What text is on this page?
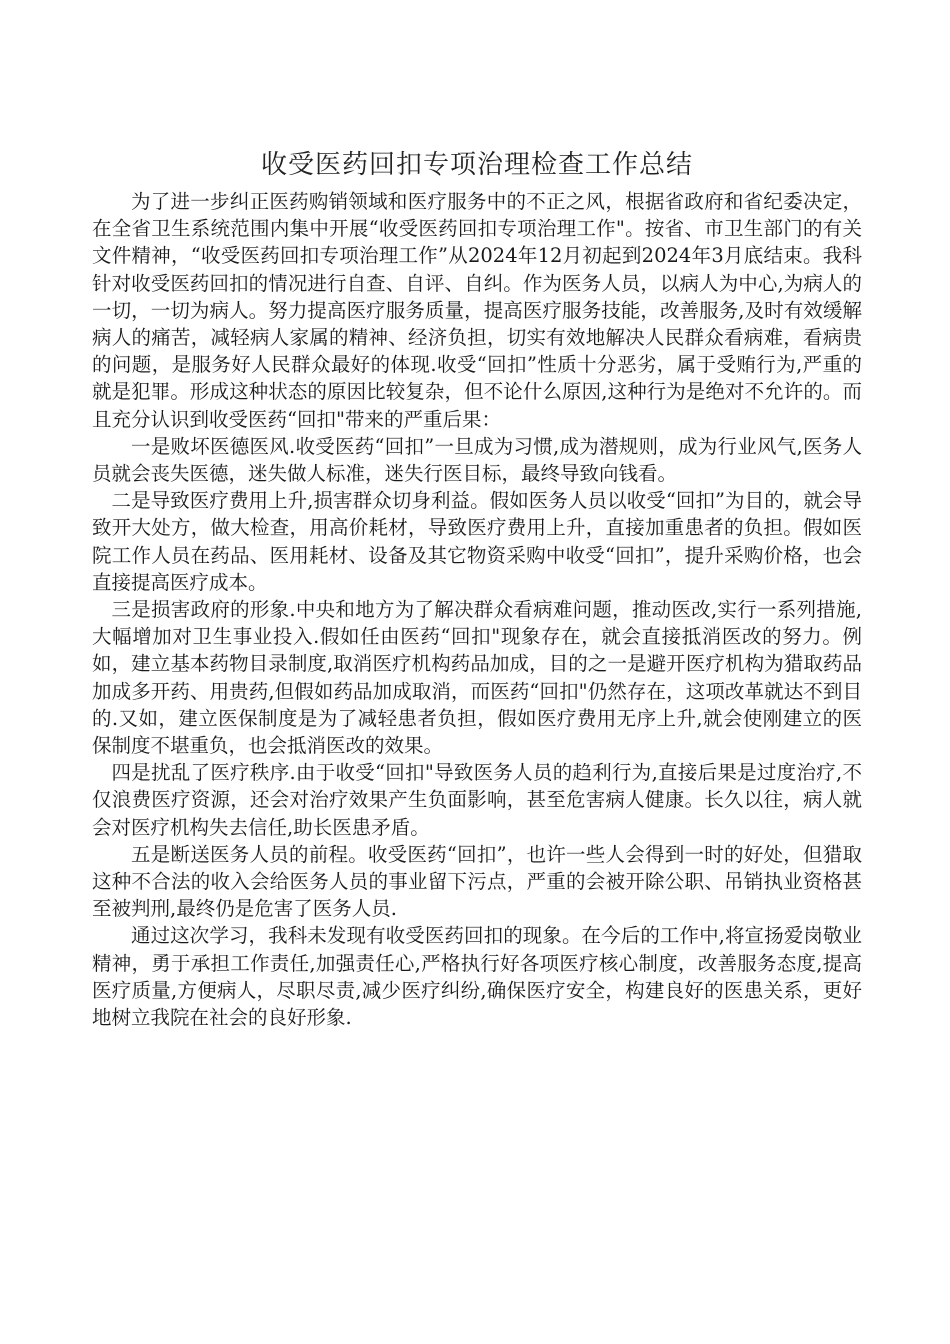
收受医药回扣专项治理检查工作总结

为了进一步纠正医药购销领域和医疗服务中的不正之风，根据省政府和省纪委决定，在全省卫生系统范围内集中开展“收受医药回扣专项治理工作"。按省、市卫生部门的有关文件精神，“收受医药回扣专项治理工作”从2024年12月初起到2024年3月底结束。我科针对收受医药回扣的情况进行自查、自评、自纠。作为医务人员，以病人为中心,为病人的一切，一切为病人。努力提高医疗服务质量，提高医疗服务技能，改善服务,及时有效缓解病人的痛苦，减轻病人家属的精神、经济负担，切实有效地解决人民群众看病难，看病贵的问题，是服务好人民群众最好的体现.收受“回扣”性质十分恶劣，属于受贿行为,严重的就是犯罪。形成这种状态的原因比较复杂，但不论什么原因,这种行为是绝对不允许的。而且充分认识到收受医药“回扣"带来的严重后果：

一是败坏医德医风.收受医药“回扣”一旦成为习惯,成为潜规则，成为行业风气,医务人员就会丧失医德，迷失做人标准，迷失行医目标，最终导致向钱看。

二是导致医疗费用上升,损害群众切身利益。假如医务人员以收受“回扣”为目的，就会导致开大处方，做大检查，用高价耗材，导致医疗费用上升，直接加重患者的负担。假如医院工作人员在药品、医用耗材、设备及其它物资采购中收受“回扣”，提升采购价格，也会直接提高医疗成本。

三是损害政府的形象.中央和地方为了解决群众看病难问题，推动医改,实行一系列措施,大幅增加对卫生事业投入.假如任由医药“回扣"现象存在，就会直接抵消医改的努力。例如，建立基本药物目录制度,取消医疗机构药品加成，目的之一是避开医疗机构为猎取药品加成多开药、用贵药,但假如药品加成取消，而医药“回扣"仍然存在，这项改革就达不到目的.又如，建立医保制度是为了减轻患者负担，假如医疗费用无序上升,就会使刚建立的医保制度不堪重负，也会抵消医改的效果。

四是扰乱了医疗秩序.由于收受“回扣"导致医务人员的趋利行为,直接后果是过度治疗,不仅浪费医疗资源，还会对治疗效果产生负面影响，甚至危害病人健康。长久以往，病人就会对医疗机构失去信任,助长医患矛盾。

五是断送医务人员的前程。收受医药“回扣”，也许一些人会得到一时的好处，但猎取这种不合法的收入会给医务人员的事业留下污点，严重的会被开除公职、吊销执业资格甚至被判刑,最终仍是危害了医务人员.

通过这次学习，我科未发现有收受医药回扣的现象。在今后的工作中,将宣扬爱岗敬业精神，勇于承担工作责任,加强责任心,严格执行好各项医疗核心制度，改善服务态度,提高医疗质量,方便病人，尽职尽责,减少医疗纠纷,确保医疗安全，构建良好的医患关系，更好地树立我院在社会的良好形象.
